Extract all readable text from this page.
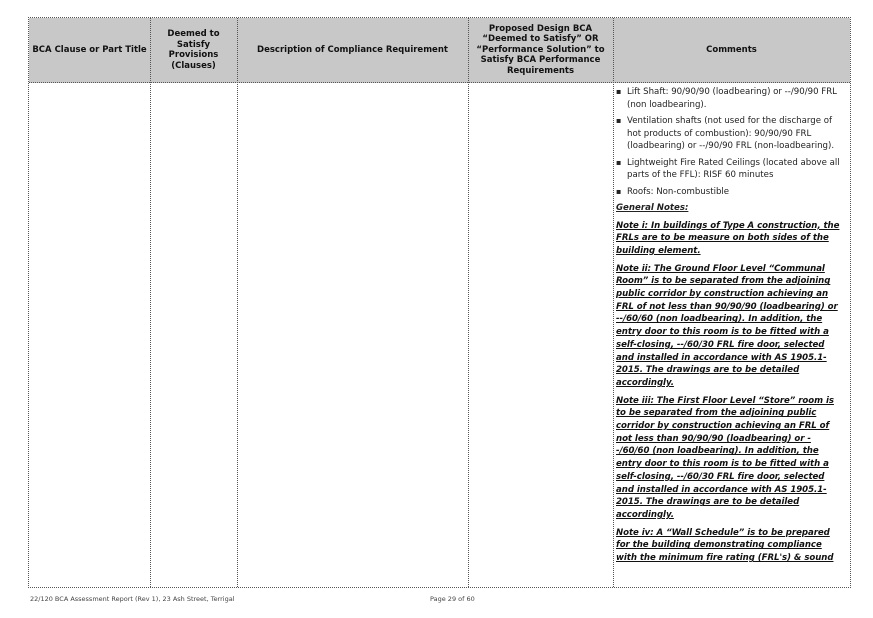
BCA Clause or Part Title
Deemed to Satisfy Provisions (Clauses)
Description of Compliance Requirement
Proposed Design BCA “Deemed to Satisfy” OR “Performance Solution” to Satisfy BCA Performance Requirements
Comments
▪ Lift Shaft: 90/90/90 (loadbearing) or --/90/90 FRL (non loadbearing).
▪ Ventilation shafts (not used for the discharge of hot products of combustion): 90/90/90 FRL (loadbearing) or --/90/90 FRL (non-loadbearing).
▪ Lightweight Fire Rated Ceilings (located above all parts of the FFL): RISF 60 minutes
▪ Roofs: Non-combustible
General Notes:
Note i: In buildings of Type A construction, the FRLs are to be measure on both sides of the building element.
Note ii: The Ground Floor Level “Communal Room” is to be separated from the adjoining public corridor by construction achieving an FRL of not less than 90/90/90 (loadbearing) or --/60/60 (non loadbearing). In addition, the entry door to this room is to be fitted with a self-closing, --/60/30 FRL fire door, selected and installed in accordance with AS 1905.1-2015. The drawings are to be detailed accordingly.
Note iii: The First Floor Level “Store” room is to be separated from the adjoining public corridor by construction achieving an FRL of not less than 90/90/90 (loadbearing) or --/60/60 (non loadbearing). In addition, the entry door to this room is to be fitted with a self-closing, --/60/30 FRL fire door, selected and installed in accordance with AS 1905.1-2015. The drawings are to be detailed accordingly.
Note iv: A “Wall Schedule” is to be prepared for the building demonstrating compliance with the minimum fire rating (FRL's) & sound
22/120 BCA Assessment Report (Rev 1), 23 Ash Street, Terrigal	Page 29 of 60
